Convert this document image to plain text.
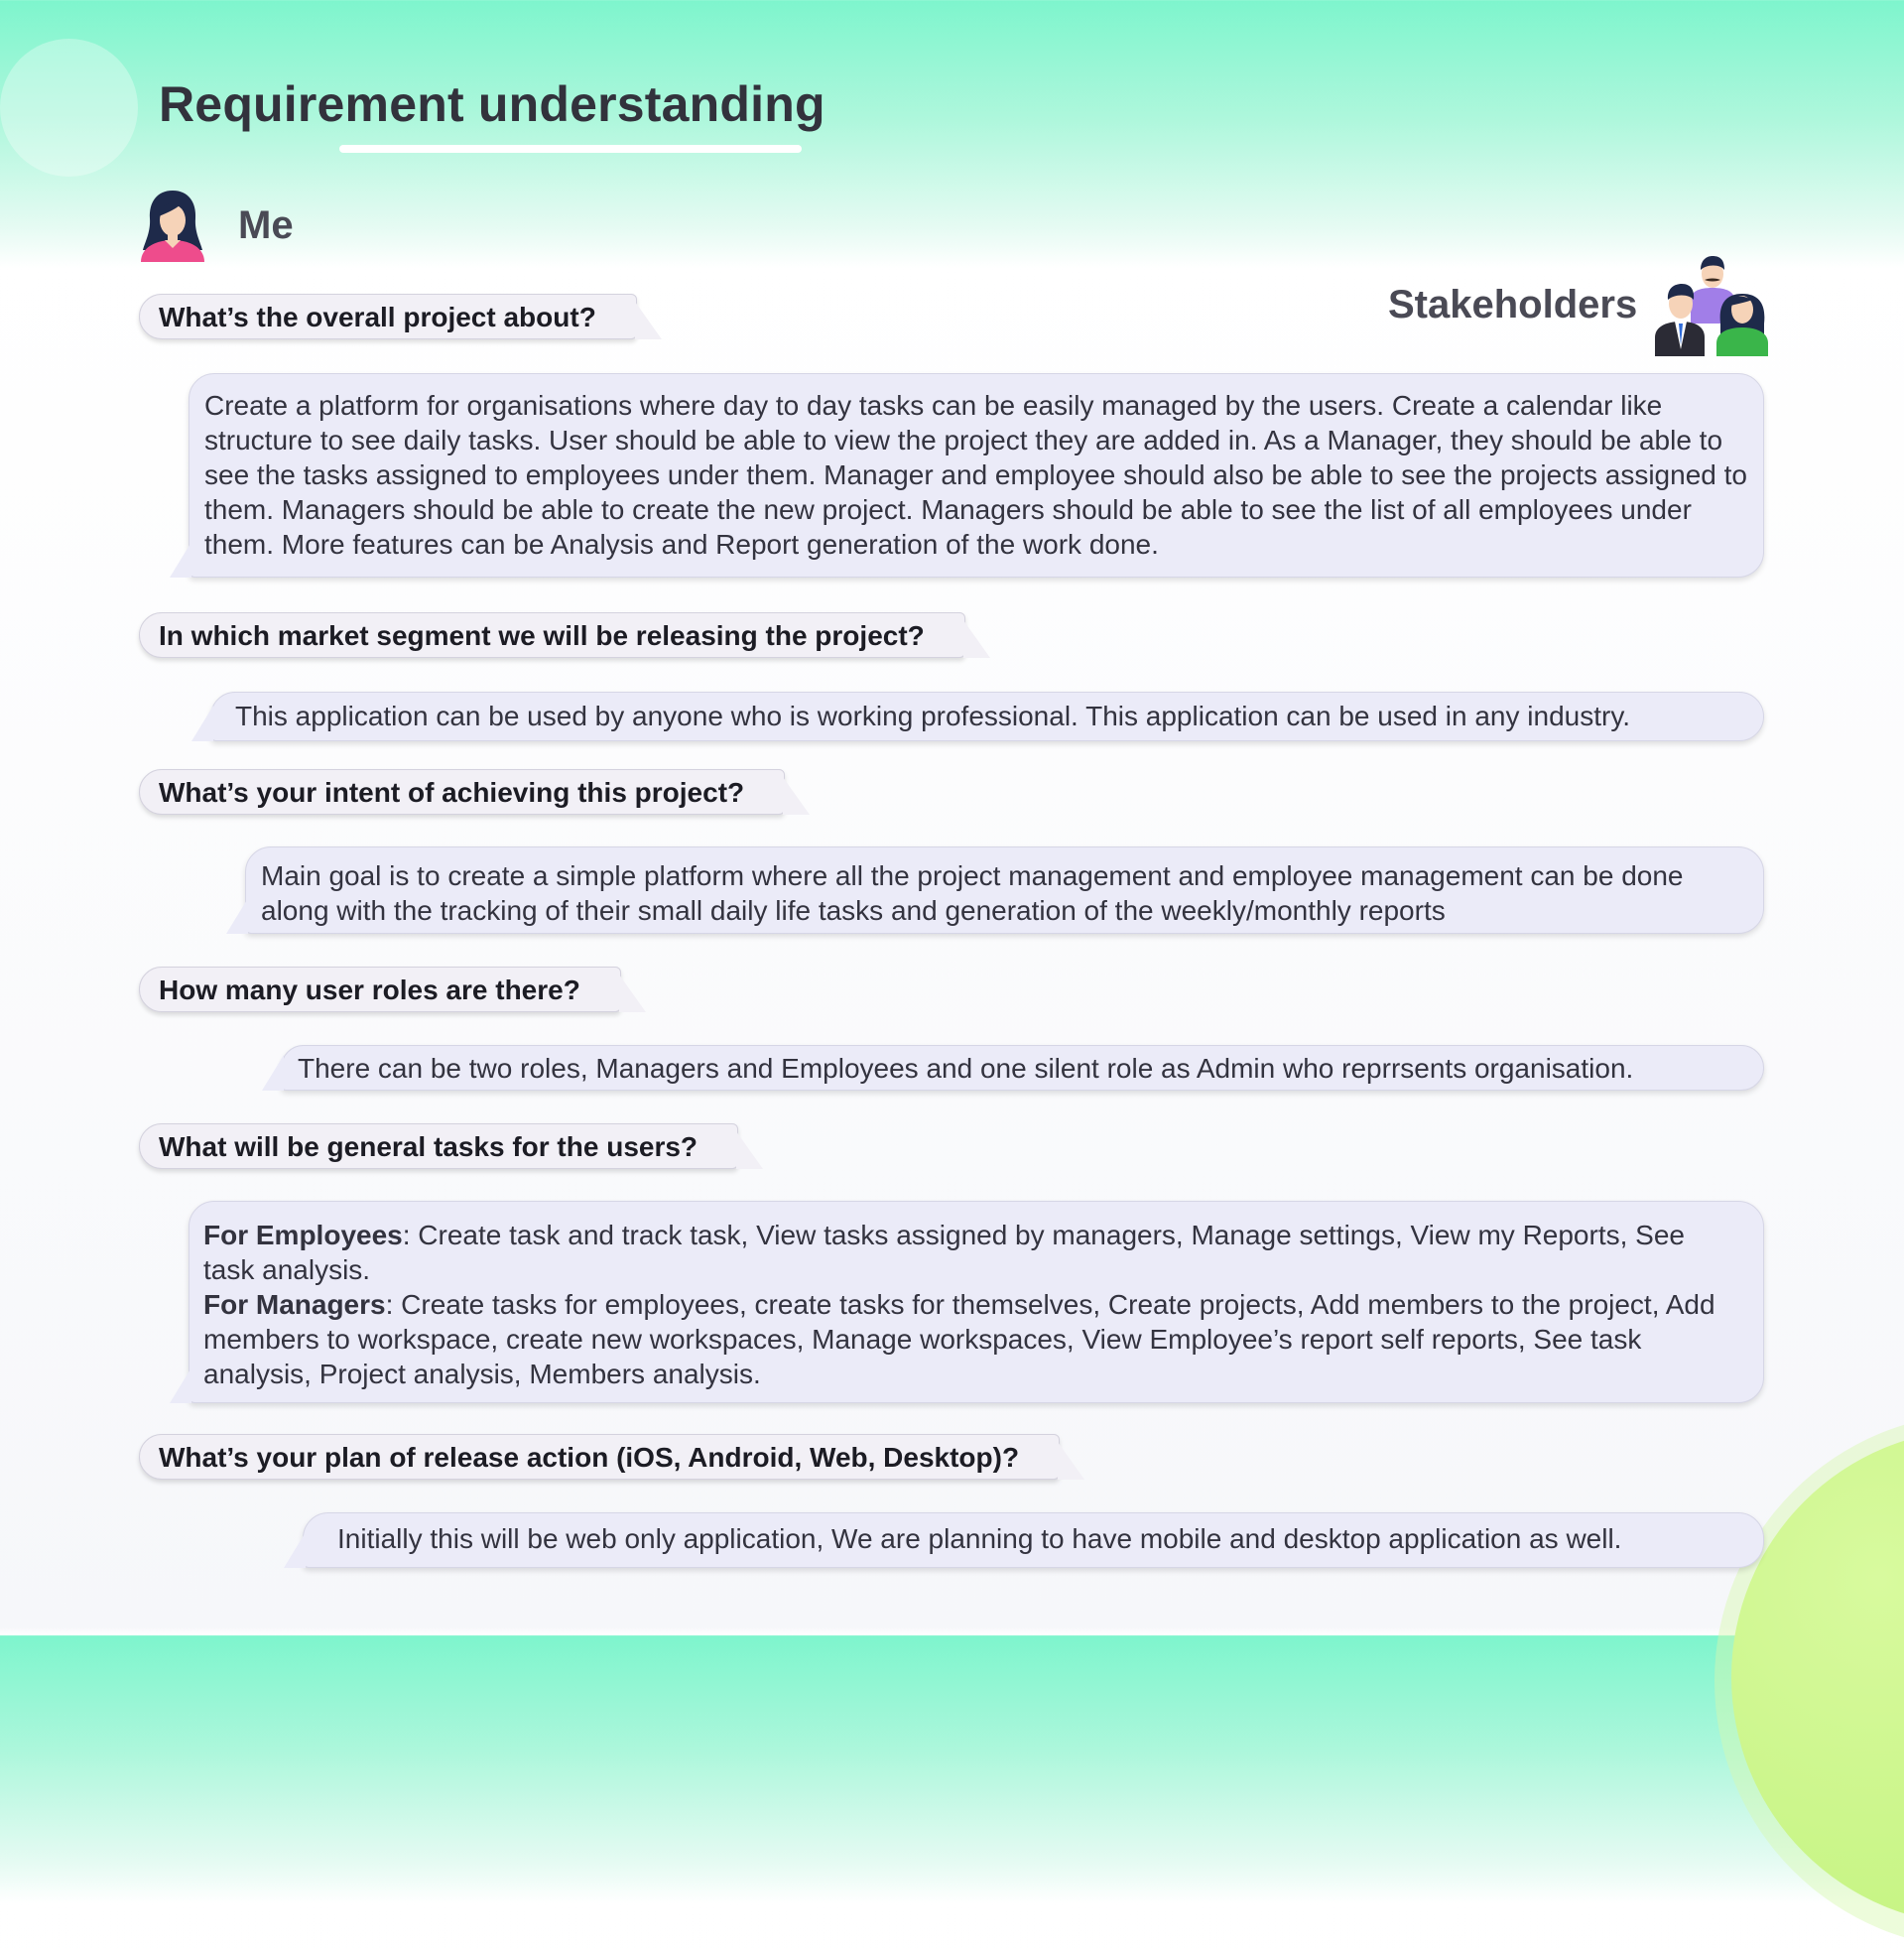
Requirement understanding
Me
Stakeholders
What’s the overall project about?

Create a platform for organisations where day to day tasks can be easily managed by the users. Create a calendar like structure to see daily tasks. User should be able to view the project they are added in. As a Manager, they should be able to see the tasks assigned to employees under them. Manager and employee should also be able to see the projects assigned to them. Managers should be able to create the new project. Managers should be able to see the list of all employees under them. More features can be Analysis and Report generation of the work done.

In which market segment we will be releasing the project?

This application can be used by anyone who is working professional. This application can be used in any industry.

What’s your intent of achieving this project?

Main goal is to create a simple platform where all the project management and employee management can be done along with the tracking of their small daily life tasks and generation of the weekly/monthly reports

How many user roles are there?

There can be two roles, Managers and Employees and one silent role as Admin who reprrsents organisation.

What will be general tasks for the users?

For Employees: Create task and track task, View tasks assigned by managers, Manage settings, View my Reports, See task analysis.

For Managers: Create tasks for employees, create tasks for themselves, Create projects, Add members to the project, Add members to workspace, create new workspaces, Manage workspaces, View Employee’s report self reports, See task analysis, Project analysis, Members analysis.

What’s your plan of release action (iOS, Android, Web, Desktop)?

Initially this will be web only application, We are planning to have mobile and desktop application as well.
